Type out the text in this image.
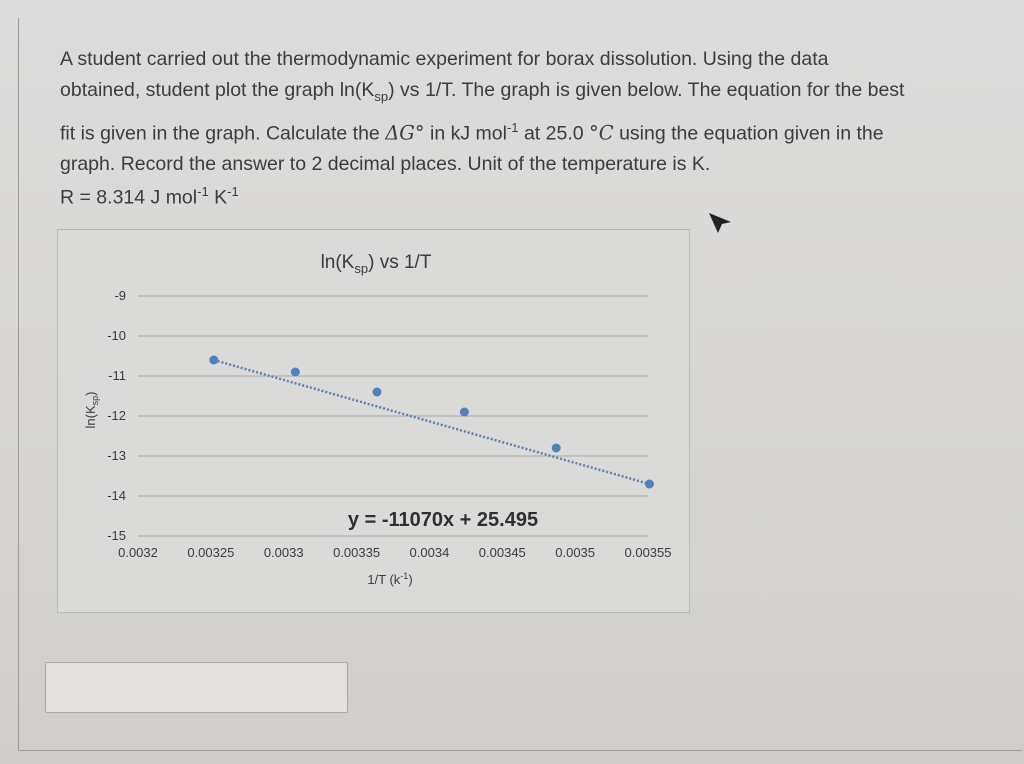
A student carried out the thermodynamic experiment for borax dissolution. Using the data

obtained, student plot the graph $\ln(K_{sp})$ vs 1/T. The graph is given below. The equation for the best

fit is given in the graph. Calculate the ΔG° in kJ mol$^{-1}$ at 25.0 °C using the equation given in the

graph. Record the answer to 2 decimal places. Unit of the temperature is K.

R = 8.314 J mol$^{-1}$ $K^{-1}$
$\ln(K_{sp})$ vs 1/T
-9
-10
-11
-12
-13
-14
-15
0.0032 0.00325 0.0033 0.00335 0.0034 0.00345 0.0035 0.00355
y = -11070x + 25.495
1/T $(k^{-1})$
$\ln(K_{sp})$
